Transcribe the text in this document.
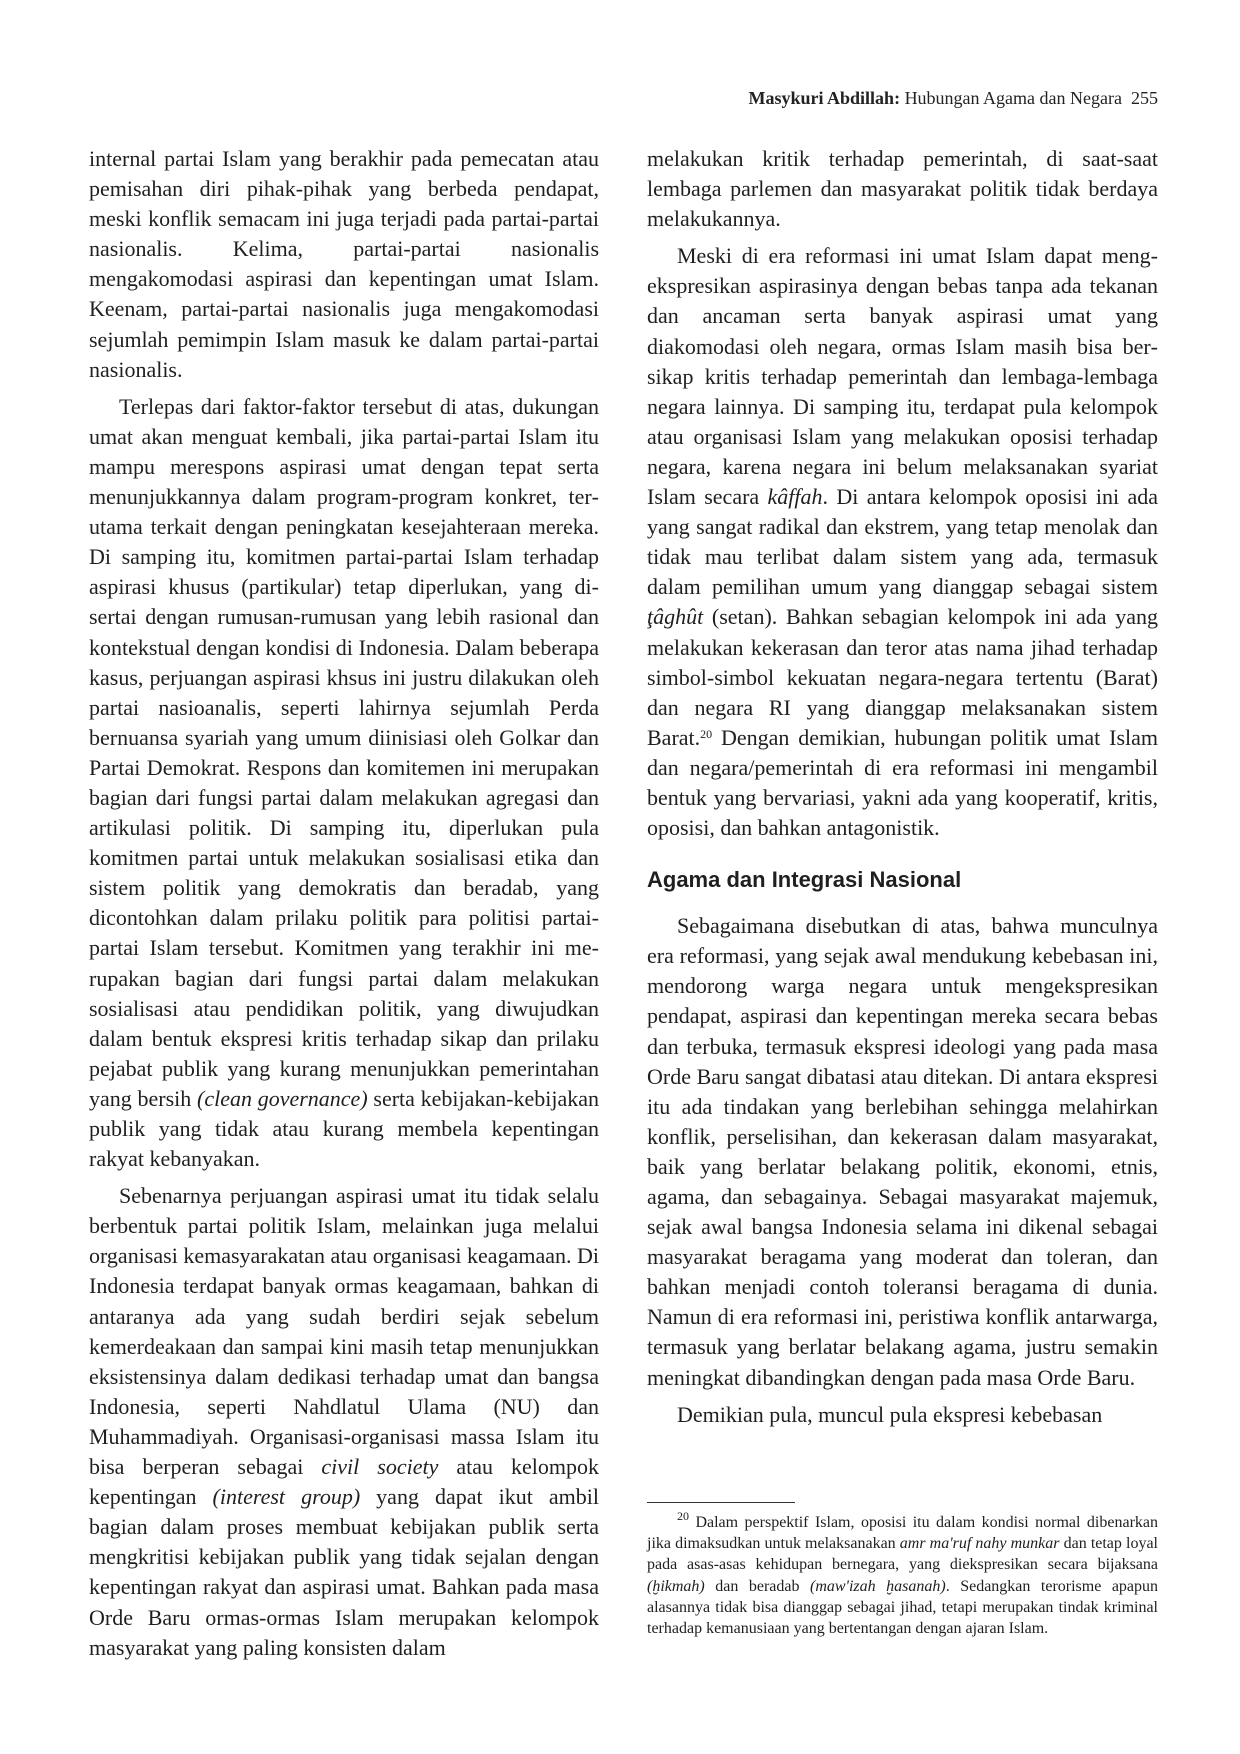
Masykuri Abdillah: Hubungan Agama dan Negara 255

internal partai Islam yang berakhir pada pemecatan atau pemisahan diri pihak-pihak yang berbeda pendapat, meski konflik semacam ini juga terjadi pada partai-partai nasionalis. Kelima, partai-partai nasionalis mengakomodasi aspirasi dan kepentingan umat Islam. Keenam, partai-partai nasionalis juga mengakomodasi sejumlah pemimpin Islam masuk ke dalam partai-partai nasionalis.

Terlepas dari faktor-faktor tersebut di atas, dukungan umat akan menguat kembali, jika partai-partai Islam itu mampu merespons aspirasi umat dengan tepat serta menunjukkannya dalam program-program konkret, terutama terkait dengan peningkatan kesejahteraan mereka. Di samping itu, komitmen partai-partai Islam terhadap aspirasi khusus (partikular) tetap diperlukan, yang disertai dengan rumusan-rumusan yang lebih rasional dan kontekstual dengan kondisi di Indonesia. Dalam beberapa kasus, perjuangan aspirasi khsus ini justru dilakukan oleh partai nasioanalis, seperti lahirnya sejumlah Perda bernuansa syariah yang umum diinisiasi oleh Golkar dan Partai Demokrat. Respons dan komitemen ini merupakan bagian dari fungsi partai dalam melakukan agregasi dan artikulasi politik. Di samping itu, diperlukan pula komitmen partai untuk melakukan sosialisasi etika dan sistem politik yang demokratis dan beradab, yang dicontohkan dalam prilaku politik para politisi partai-partai Islam tersebut. Komitmen yang terakhir ini merupakan bagian dari fungsi partai dalam melakukan sosialisasi atau pendidikan politik, yang diwujudkan dalam bentuk ekspresi kritis terhadap sikap dan prilaku pejabat publik yang kurang menunjukkan pemerintahan yang bersih (clean governance) serta kebijakan-kebijakan publik yang tidak atau kurang membela kepentingan rakyat kebanyakan.

Sebenarnya perjuangan aspirasi umat itu tidak selalu berbentuk partai politik Islam, melainkan juga melalui organisasi kemasyarakatan atau organisasi keagamaan. Di Indonesia terdapat banyak ormas keagamaan, bahkan di antaranya ada yang sudah berdiri sejak sebelum kemerdeakaan dan sampai kini masih tetap menunjukkan eksistensinya dalam dedikasi terhadap umat dan bangsa Indonesia, seperti Nahdlatul Ulama (NU) dan Muhammadiyah. Organisasi-organisasi massa Islam itu bisa berperan sebagai civil society atau kelompok kepentingan (interest group) yang dapat ikut ambil bagian dalam proses membuat kebijakan publik serta mengkritisi kebijakan publik yang tidak sejalan dengan kepentingan rakyat dan aspirasi umat. Bahkan pada masa Orde Baru ormas-ormas Islam merupakan kelompok masyarakat yang paling konsisten dalam

melakukan kritik terhadap pemerintah, di saat-saat lembaga parlemen dan masyarakat politik tidak berdaya melakukannya.

Meski di era reformasi ini umat Islam dapat mengekspresikan aspirasinya dengan bebas tanpa ada tekanan dan ancaman serta banyak aspirasi umat yang diakomodasi oleh negara, ormas Islam masih bisa bersikap kritis terhadap pemerintah dan lembaga-lembaga negara lainnya. Di samping itu, terdapat pula kelompok atau organisasi Islam yang melakukan oposisi terhadap negara, karena negara ini belum melaksanakan syariat Islam secara kâffah. Di antara kelompok oposisi ini ada yang sangat radikal dan ekstrem, yang tetap menolak dan tidak mau terlibat dalam sistem yang ada, termasuk dalam pemilihan umum yang dianggap sebagai sistem ţâghût (setan). Bahkan sebagian kelompok ini ada yang melakukan kekerasan dan teror atas nama jihad terhadap simbol-simbol kekuatan negara-negara tertentu (Barat) dan negara RI yang dianggap melaksanakan sistem Barat.$^{20}$ Dengan demikian, hubungan politik umat Islam dan negara/pemerintah di era reformasi ini mengambil bentuk yang bervariasi, yakni ada yang kooperatif, kritis, oposisi, dan bahkan antagonistik.

Agama dan Integrasi Nasional

Sebagaimana disebutkan di atas, bahwa munculnya era reformasi, yang sejak awal mendukung kebebasan ini, mendorong warga negara untuk mengekspresikan pendapat, aspirasi dan kepentingan mereka secara bebas dan terbuka, termasuk ekspresi ideologi yang pada masa Orde Baru sangat dibatasi atau ditekan. Di antara ekspresi itu ada tindakan yang berlebihan sehingga melahirkan konflik, perselisihan, dan kekerasan dalam masyarakat, baik yang berlatar belakang politik, ekonomi, etnis, agama, dan sebagainya. Sebagai masyarakat majemuk, sejak awal bangsa Indonesia selama ini dikenal sebagai masyarakat beragama yang moderat dan toleran, dan bahkan menjadi contoh toleransi beragama di dunia. Namun di era reformasi ini, peristiwa konflik antarwarga, termasuk yang berlatar belakang agama, justru semakin meningkat dibandingkan dengan pada masa Orde Baru.

Demikian pula, muncul pula ekspresi kebebasan

$^{20}$ Dalam perspektif Islam, oposisi itu dalam kondisi normal dibenarkan jika dimaksudkan untuk melaksanakan amr ma'ruf nahy munkar dan tetap loyal pada asas-asas kehidupan bernegara, yang diekspresikan secara bijaksana (ḫikmah) dan beradab (maw'izah ḫasanah). Sedangkan terorisme apapun alasannya tidak bisa dianggap sebagai jihad, tetapi merupakan tindak kriminal terhadap kemanusiaan yang bertentangan dengan ajaran Islam.
